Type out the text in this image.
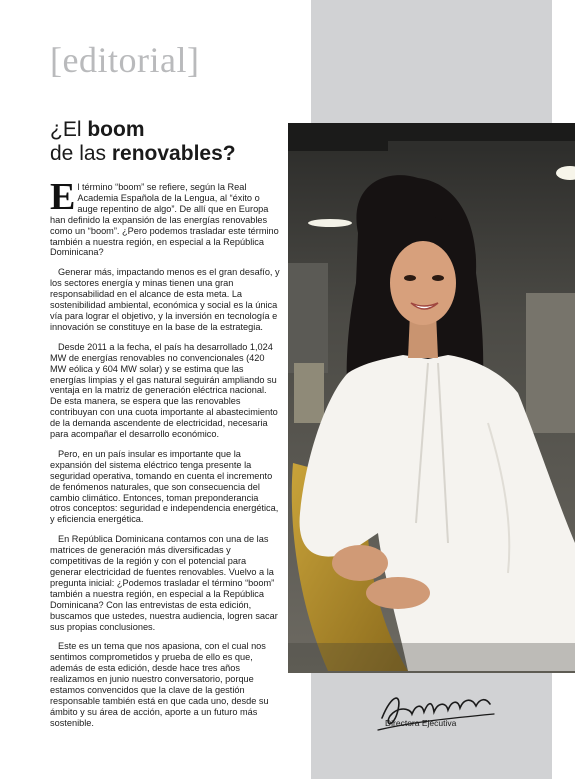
[editorial]
¿El boom
de las renovables?

El término “boom” se refiere, según la Real Academia Española de la Lengua, al “éxito o auge repentino de algo”. De allí que en Europa han definido la expansión de las energías renovables como un “boom”. ¿Pero podemos trasladar este término también a nuestra región, en especial a la República Dominicana?

Generar más, impactando menos es el gran desafío, y los sectores energía y minas tienen una gran responsabilidad en el alcance de esta meta. La sostenibilidad ambiental, económica y social es la única vía para lograr el objetivo, y la inversión en tecnología e innovación se constituye en la base de la estrategia.

Desde 2011 a la fecha, el país ha desarrollado 1,024 MW de energías renovables no convencionales (420 MW eólica y 604 MW solar) y se estima que las energías limpias y el gas natural seguirán ampliando su ventaja en la matriz de generación eléctrica nacional. De esta manera, se espera que las renovables contribuyan con una cuota importante al abastecimiento de la demanda ascendente de electricidad, necesaria para acompañar el desarrollo económico.

Pero, en un país insular es importante que la expansión del sistema eléctrico tenga presente la seguridad operativa, tomando en cuenta el incremento de fenómenos naturales, que son consecuencia del cambio climático. Entonces, toman preponderancia otros conceptos: seguridad e independencia energética, y eficiencia energética.

En República Dominicana contamos con una de las matrices de generación más diversificadas y competitivas de la región y con el potencial para generar electricidad de fuentes renovables. Vuelvo a la pregunta inicial: ¿Podemos trasladar el término “boom” también a nuestra región, en especial a la República Dominicana? Con las entrevistas de esta edición, buscamos que ustedes, nuestra audiencia, logren sacar sus propias conclusiones.

Este es un tema que nos apasiona, con el cual nos sentimos comprometidos y prueba de ello es que, además de esta edición, desde hace tres años realizamos en junio nuestro conversatorio, porque estamos convencidos que la clave de la gestión responsable también está en que cada uno, desde su ámbito y su área de acción, aporte a un futuro más sostenible.	Directora Ejecutiva
